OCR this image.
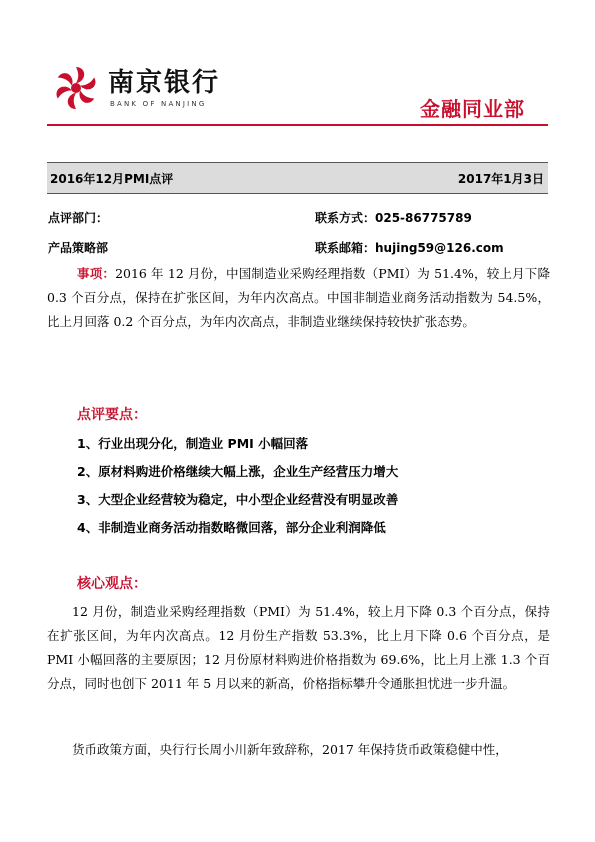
南京银行
BANK OF NANJING	金融同业部
2016年12月PMI点评	2017年1月3日
点评部门：
产品策略部
联系方式：025-86775789
联系邮箱：hujing59@126.com
事项：2016 年 12 月份，中国制造业采购经理指数（PMI）为 51.4%，较上月下降 0.3 个百分点，保持在扩张区间，为年内次高点。中国非制造业商务活动指数为 54.5%，比上月回落 0.2 个百分点，为年内次高点，非制造业继续保持较快扩张态势。
点评要点：
1、行业出现分化，制造业 PMI 小幅回落
2、原材料购进价格继续大幅上涨，企业生产经营压力增大
3、大型企业经营较为稳定，中小型企业经营没有明显改善
4、非制造业商务活动指数略微回落，部分企业利润降低
核心观点：
12 月份，制造业采购经理指数（PMI）为 51.4%，较上月下降 0.3 个百分点，保持在扩张区间，为年内次高点。12 月份生产指数 53.3%，比上月下降 0.6 个百分点，是 PMI 小幅回落的主要原因；12 月份原材料购进价格指数为 69.6%，比上月上涨 1.3 个百分点，同时也创下 2011 年 5 月以来的新高，价格指标攀升令通胀担忧进一步升温。
货币政策方面，央行行长周小川新年致辞称，2017 年保持货币政策稳健中性，
